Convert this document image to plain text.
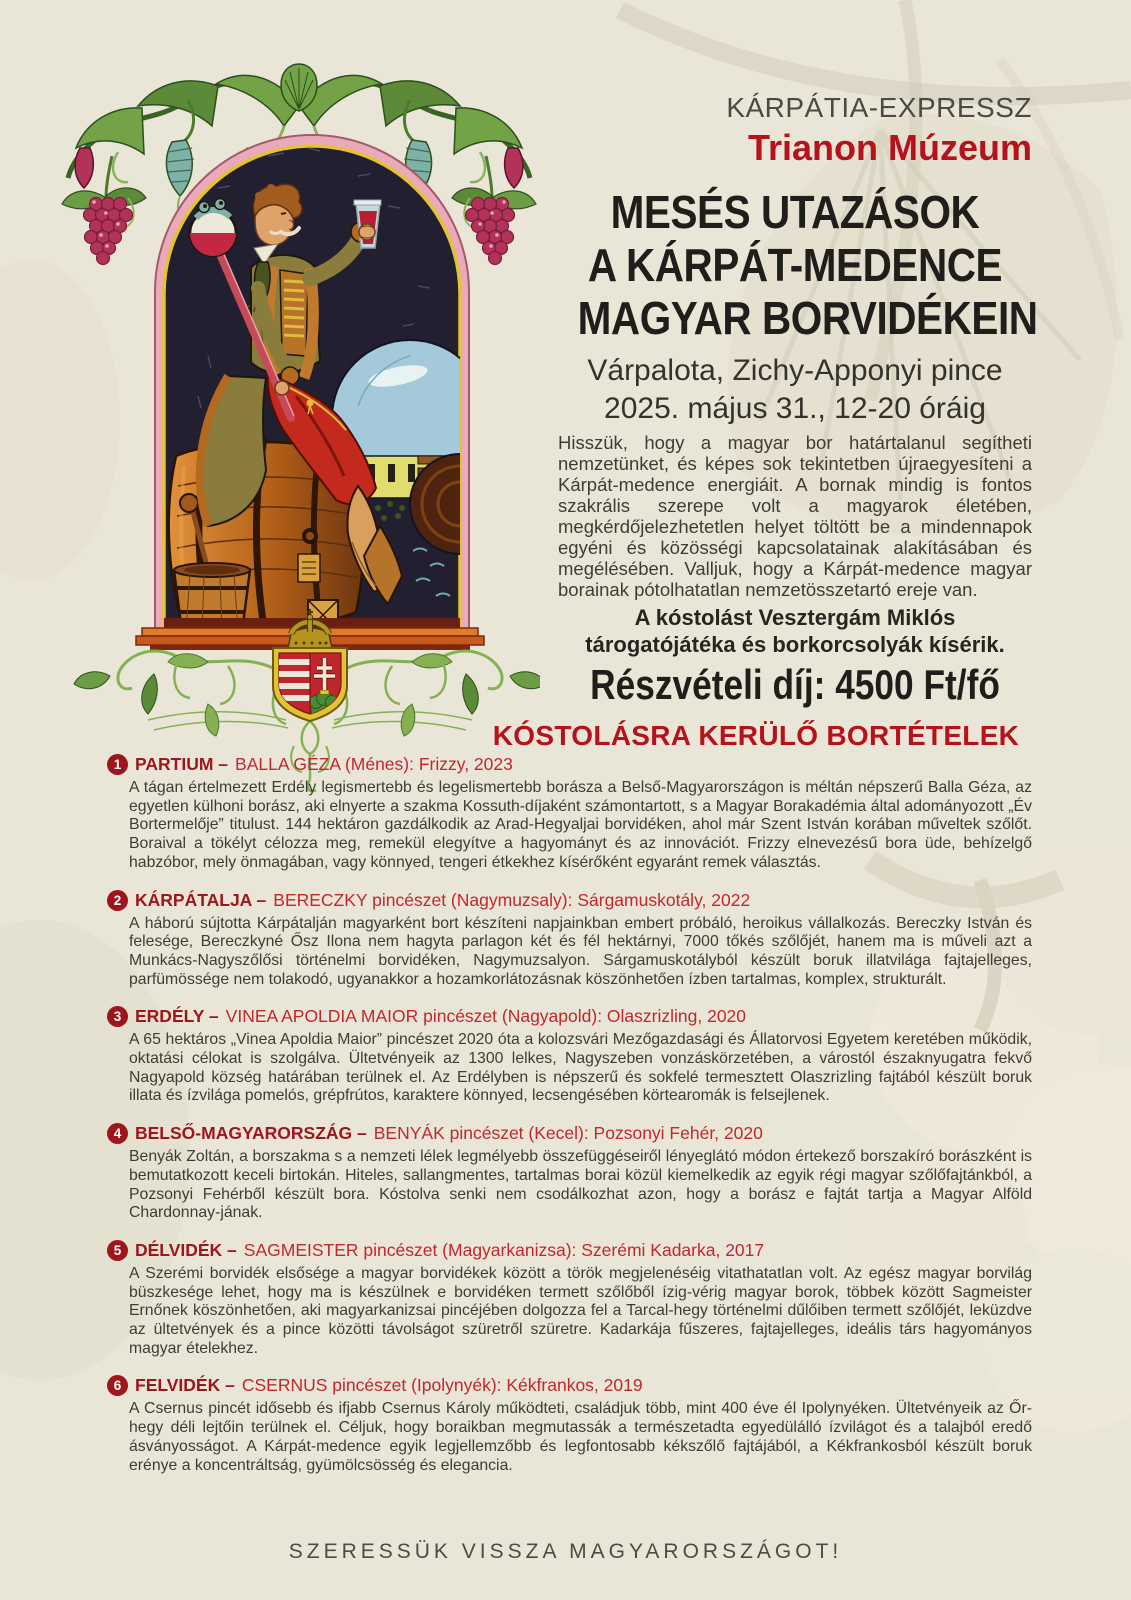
KÁRPÁTIA-EXPRESSZ
Trianon Múzeum
MESÉS UTAZÁSOK
A KÁRPÁT-MEDENCE
MAGYAR BORVIDÉKEIN
Várpalota, Zichy-Apponyi pince
2025. május 31., 12-20 óráig
Hisszük, hogy a magyar bor határtalanul segítheti nemzetünket, és képes sok tekintetben újraegyesíteni a Kárpát-medence energiáit. A bornak mindig is fontos szakrális szerepe volt a magyarok életében, megkérdőjelezhetetlen helyet töltött be a mindennapok egyéni és közösségi kapcsolatainak alakításában és megélésében. Valljuk, hogy a Kárpát-medence magyar borainak pótolhatatlan nemzetösszetartó ereje van.
A kóstolást Vesztergám Miklós
tárogatójátéka és borkorcsolyák kísérik.
Részvételi díj: 4500 Ft/fő
KÓSTOLÁSRA KERÜLŐ BORTÉTELEK
1 PARTIUM – BALLA GÉZA (Ménes): Frizzy, 2023

A tágan értelmezett Erdély legismertebb és legelismertebb borásza a Belső-Magyarországon is méltán népszerű Balla Géza, az egyetlen külhoni borász, aki elnyerte a szakma Kossuth-díjaként számontartott, s a Magyar Borakadémia által adományozott „Év Bortermelője” titulust. 144 hektáron gazdálkodik az Arad-Hegyaljai borvidéken, ahol már Szent István korában műveltek szőlőt. Boraival a tökélyt célozza meg, remekül elegyítve a hagyományt és az innovációt. Frizzy elnevezésű bora üde, behízelgő habzóbor, mely önmagában, vagy könnyed, tengeri étkekhez kísérőként egyaránt remek választás.

2 KÁRPÁTALJA – BERECZKY pincészet (Nagymuzsaly): Sárgamuskotály, 2022

A háború sújtotta Kárpátalján magyarként bort készíteni napjainkban embert próbáló, heroikus vállalkozás. Bereczky István és felesége, Bereczkyné Ősz Ilona nem hagyta parlagon két és fél hektárnyi, 7000 tőkés szőlőjét, hanem ma is műveli azt a Munkács-Nagyszőlősi történelmi borvidéken, Nagymuzsalyon. Sárgamuskotályból készült boruk illatvilága fajtajelleges, parfümössége nem tolakodó, ugyanakkor a hozamkorlátozásnak köszönhetően ízben tartalmas, komplex, strukturált.

3 ERDÉLY – VINEA APOLDIA MAIOR pincészet (Nagyapold): Olaszrizling, 2020

A 65 hektáros „Vinea Apoldia Maior” pincészet 2020 óta a kolozsvári Mezőgazdasági és Állatorvosi Egyetem keretében működik, oktatási célokat is szolgálva. Ültetvényeik az 1300 lelkes, Nagyszeben vonzáskörzetében, a várostól északnyugatra fekvő Nagyapold község határában terülnek el. Az Erdélyben is népszerű és sokfelé termesztett Olaszrizling fajtából készült boruk illata és ízvilága pomelós, grépfrútos, karaktere könnyed, lecsengésében körtearomák is felsejlenek.

4 BELSŐ-MAGYARORSZÁG – BENYÁK pincészet (Kecel): Pozsonyi Fehér, 2020

Benyák Zoltán, a borszakma s a nemzeti lélek legmélyebb összefüggéseiről lényeglátó módon értekező borszakíró borászként is bemutatkozott keceli birtokán. Hiteles, sallangmentes, tartalmas borai közül kiemelkedik az egyik régi magyar szőlőfajtánkból, a Pozsonyi Fehérből készült bora. Kóstolva senki nem csodálkozhat azon, hogy a borász e fajtát tartja a Magyar Alföld Chardonnay-jának.

5 DÉLVIDÉK – SAGMEISTER pincészet (Magyarkanizsa): Szerémi Kadarka, 2017

A Szerémi borvidék elsősége a magyar borvidékek között a török megjelenéséig vitathatatlan volt. Az egész magyar borvilág büszkesége lehet, hogy ma is készülnek e borvidéken termett szőlőből ízig-vérig magyar borok, többek között Sagmeister Ernőnek köszönhetően, aki magyarkanizsai pincéjében dolgozza fel a Tarcal-hegy történelmi dűlőiben termett szőlőjét, leküzdve az ültetvények és a pince közötti távolságot szüretről szüretre. Kadarkája fűszeres, fajtajelleges, ideális társ hagyományos magyar ételekhez.

6 FELVIDÉK – CSERNUS pincészet (Ipolynyék): Kékfrankos, 2019

A Csernus pincét idősebb és ifjabb Csernus Károly működteti, családjuk több, mint 400 éve él Ipolynyéken. Ültetvényeik az Őr-hegy déli lejtőin terülnek el. Céljuk, hogy boraikban megmutassák a természetadta egyedülálló ízvilágot és a talajból eredő ásványosságot. A Kárpát-medence egyik legjellemzőbb és legfontosabb kékszőlő fajtájából, a Kékfrankosból készült boruk erénye a koncentráltság, gyümölcsösség és elegancia.

SZERESSÜK VISSZA MAGYARORSZÁGOT!
